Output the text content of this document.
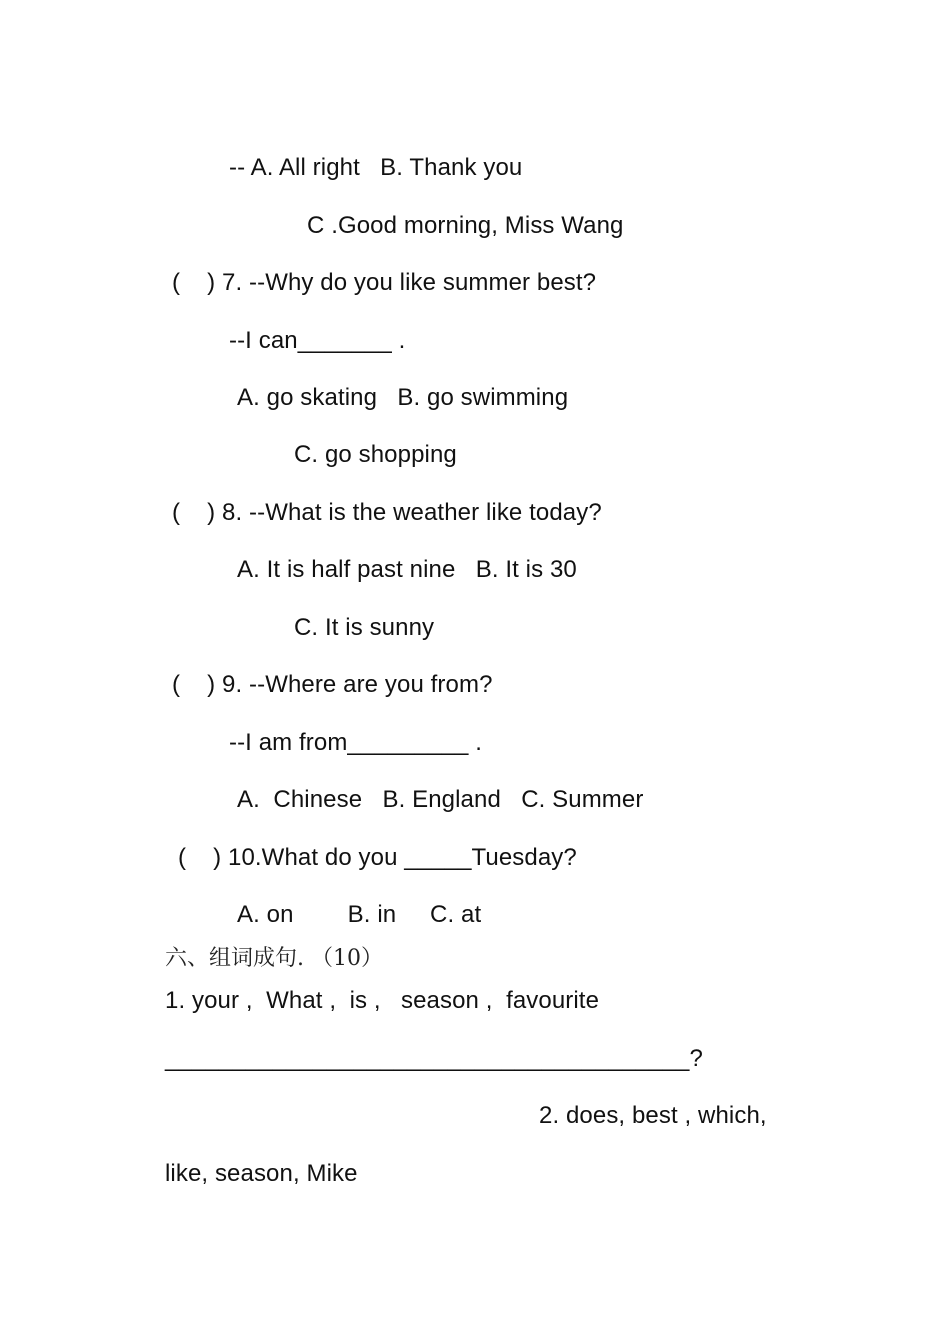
-- A. All right   B. Thank you
C .Good morning, Miss Wang
(    ) 7. --Why do you like summer best?
--I can_______ .
A. go skating   B. go swimming
C. go shopping
(    ) 8. --What is the weather like today?
A. It is half past nine   B. It is 30
C. It is sunny
(    ) 9. --Where are you from?
--I am from_________ .
A.  Chinese   B. England   C. Summer
(    ) 10.What do you _____Tuesday?
A. on        B. in     C. at
六、组词成句. （10）
1. your ,  What ,  is ,   season ,  favourite
_______________________________________?
2. does, best , which,
like, season, Mike
